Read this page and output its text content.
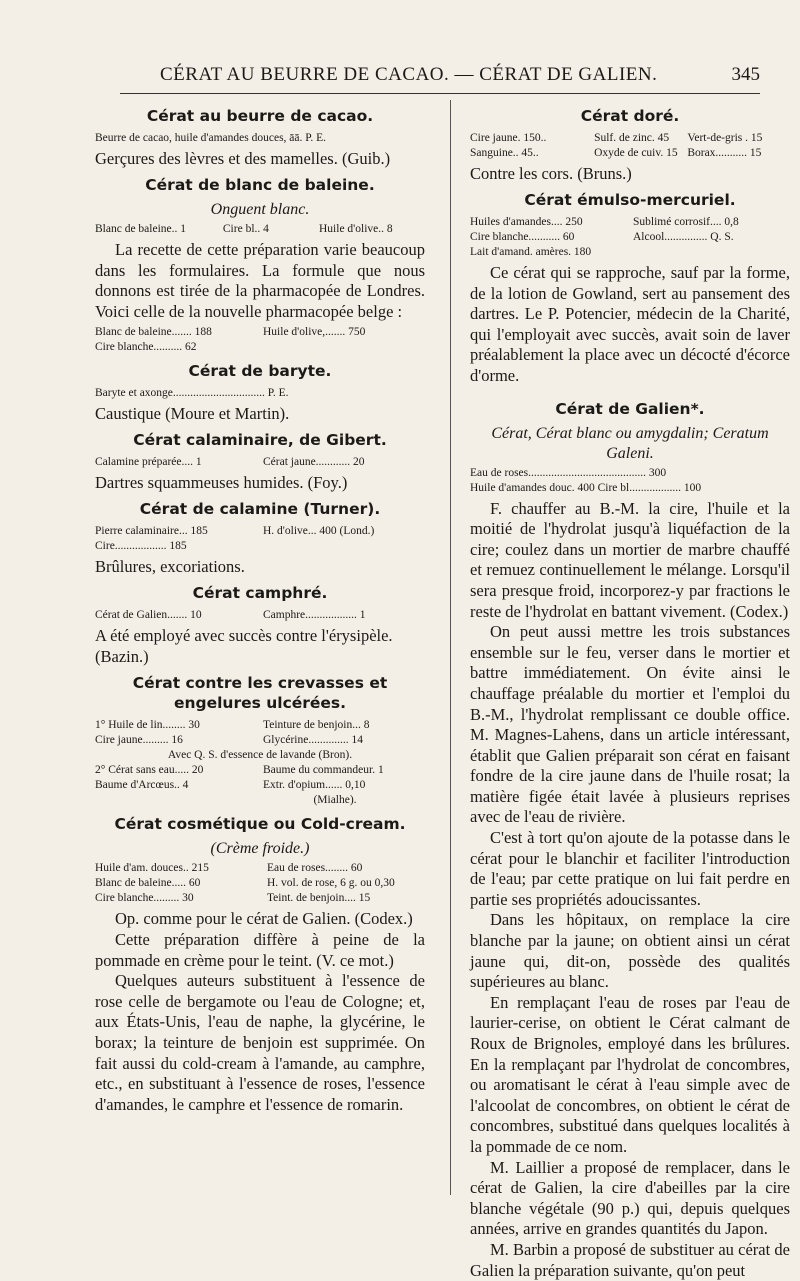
CÉRAT AU BEURRE DE CACAO. — CÉRAT DE GALIEN.	345
Cérat au beurre de cacao.
Beurre de cacao, huile d'amandes douces, āā. P. E.
Gerçures des lèvres et des mamelles. (Guib.)
Cérat de blanc de baleine.
Onguent blanc.
Blanc de baleine.. 1	Cire bl.. 4	Huile d'olive.. 8

La recette de cette préparation varie beaucoup dans les formulaires. La formule que nous donnons est tirée de la pharmacopée de Londres. Voici celle de la nouvelle pharmacopée belge :

Blanc de baleine....... 188	Huile d'olive,....... 750
Cire blanche.......... 62
Cérat de baryte.
Baryte et axonge................................ P. E.
Caustique (Moure et Martin).
Cérat calaminaire, de Gibert.
Calamine préparée.... 1	Cérat jaune............ 20
Dartres squammeuses humides. (Foy.)
Cérat de calamine (Turner).
Pierre calaminaire... 185	H. d'olive... 400 (Lond.)
Cire.................. 185
Brûlures, excoriations.
Cérat camphré.
Cérat de Galien....... 10	Camphre.................. 1
A été employé avec succès contre l'érysipèle. (Bazin.)
Cérat contre les crevasses et engelures ulcérées.
1° Huile de lin........ 30	Teinture de benjoin... 8
Cire jaune......... 16	Glycérine.............. 14
Avec Q. S. d'essence de lavande (Bron).
2° Cérat sans eau..... 20	Baume du commandeur. 1
Baume d'Arcœus.. 4	Extr. d'opium...... 0,10
(Mialhe).
Cérat cosmétique ou Cold-cream.
(Crème froide.)
Huile d'am. douces.. 215	Eau de roses........ 60
Blanc de baleine..... 60	H. vol. de rose, 6 g. ou 0,30
Cire blanche......... 30	Teint. de benjoin.... 15

Op. comme pour le cérat de Galien. (Codex.)

Cette préparation diffère à peine de la pommade en crème pour le teint. (V. ce mot.)

Quelques auteurs substituent à l'essence de rose celle de bergamote ou l'eau de Cologne; et, aux États-Unis, l'eau de naphe, la glycérine, le borax; la teinture de benjoin est supprimée. On fait aussi du cold-cream à l'amande, au camphre, etc., en substituant à l'essence de roses, l'essence d'amandes, le camphre et l'essence de romarin.

Cérat doré.
Cire jaune. 150..	Sulf. de zinc. 45	Vert-de-gris . 15
Sanguine.. 45..	Oxyde de cuiv. 15 Borax........... 15
Contre les cors. (Bruns.)
Cérat émulso-mercuriel.
Huiles d'amandes.... 250	Sublimé corrosif.... 0,8
Cire blanche........... 60	Alcool............... Q. S.
Lait d'amand. amères. 180

Ce cérat qui se rapproche, sauf par la forme, de la lotion de Gowland, sert au pansement des dartres. Le P. Potencier, médecin de la Charité, qui l'employait avec succès, avait soin de laver préalablement la place avec un décocté d'écorce d'orme.

Cérat de Galien*.
Cérat, Cérat blanc ou amygdalin; Ceratum Galeni.
Eau de roses......................................... 300
Huile d'amandes douc. 400 Cire bl.................. 100

F. chauffer au B.-M. la cire, l'huile et la moitié de l'hydrolat jusqu'à liquéfaction de la cire; coulez dans un mortier de marbre chauffé et remuez continuellement le mélange. Lorsqu'il sera presque froid, incorporez-y par fractions le reste de l'hydrolat en battant vivement. (Codex.)

On peut aussi mettre les trois substances ensemble sur le feu, verser dans le mortier et battre immédiatement. On évite ainsi le chauffage préalable du mortier et l'emploi du B.-M., l'hydrolat remplissant ce double office. M. Magnes-Lahens, dans un article intéressant, établit que Galien préparait son cérat en faisant fondre de la cire jaune dans de l'huile rosat; la matière figée était lavée à plusieurs reprises avec de l'eau de rivière.

C'est à tort qu'on ajoute de la potasse dans le cérat pour le blanchir et faciliter l'introduction de l'eau; par cette pratique on lui fait perdre en partie ses propriétés adoucissantes.

Dans les hôpitaux, on remplace la cire blanche par la jaune; on obtient ainsi un cérat jaune qui, dit-on, possède des qualités supérieures au blanc.

En remplaçant l'eau de roses par l'eau de laurier-cerise, on obtient le Cérat calmant de Roux de Brignoles, employé dans les brûlures. En la remplaçant par l'hydrolat de concombres, ou aromatisant le cérat à l'eau simple avec de l'alcoolat de concombres, on obtient le cérat de concombres, substitué dans quelques localités à la pommade de ce nom.

M. Laillier a proposé de remplacer, dans le cérat de Galien, la cire d'abeilles par la cire blanche végétale (90 p.) qui, depuis quelques années, arrive en grandes quantités du Japon.

M. Barbin a proposé de substituer au cérat de Galien la préparation suivante, qu'on peut
